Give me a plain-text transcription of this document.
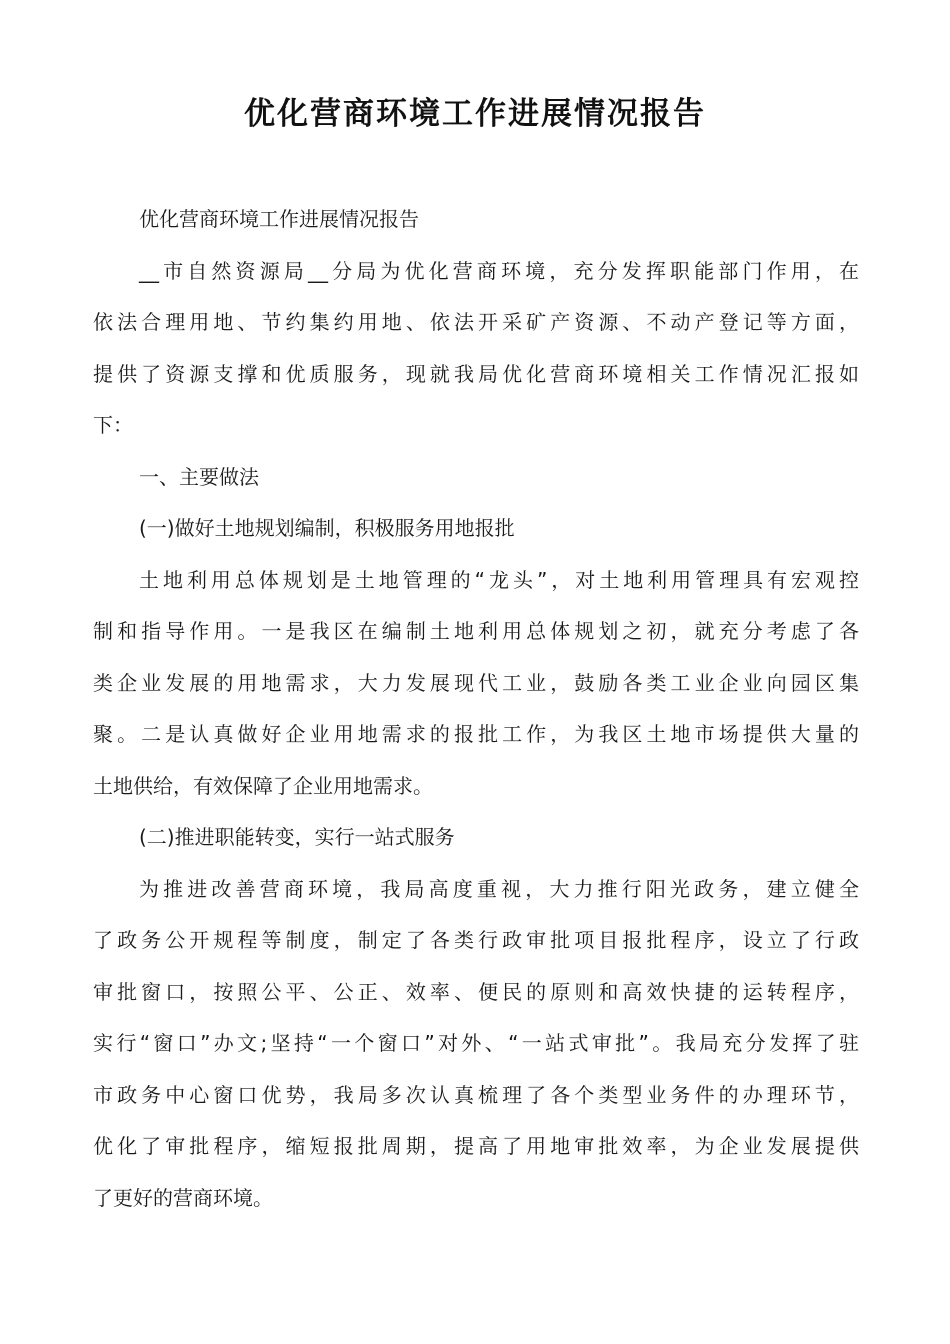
优化营商环境工作进展情况报告
优化营商环境工作进展情况报告
__市自然资源局__分局为优化营商环境，充分发挥职能部门作用，在
依法合理用地、节约集约用地、依法开采矿产资源、不动产登记等方面，
提供了资源支撑和优质服务，现就我局优化营商环境相关工作情况汇报如
下：
一、主要做法
(一)做好土地规划编制，积极服务用地报批
土地利用总体规划是土地管理的“龙头”，对土地利用管理具有宏观控
制和指导作用。一是我区在编制土地利用总体规划之初，就充分考虑了各
类企业发展的用地需求，大力发展现代工业，鼓励各类工业企业向园区集
聚。二是认真做好企业用地需求的报批工作，为我区土地市场提供大量的
土地供给，有效保障了企业用地需求。
(二)推进职能转变，实行一站式服务
为推进改善营商环境，我局高度重视，大力推行阳光政务，建立健全
了政务公开规程等制度，制定了各类行政审批项目报批程序，设立了行政
审批窗口，按照公平、公正、效率、便民的原则和高效快捷的运转程序，
实行“窗口”办文;坚持“一个窗口”对外、“一站式审批”。我局充分发挥了驻
市政务中心窗口优势，我局多次认真梳理了各个类型业务件的办理环节，
优化了审批程序，缩短报批周期，提高了用地审批效率，为企业发展提供
了更好的营商环境。
